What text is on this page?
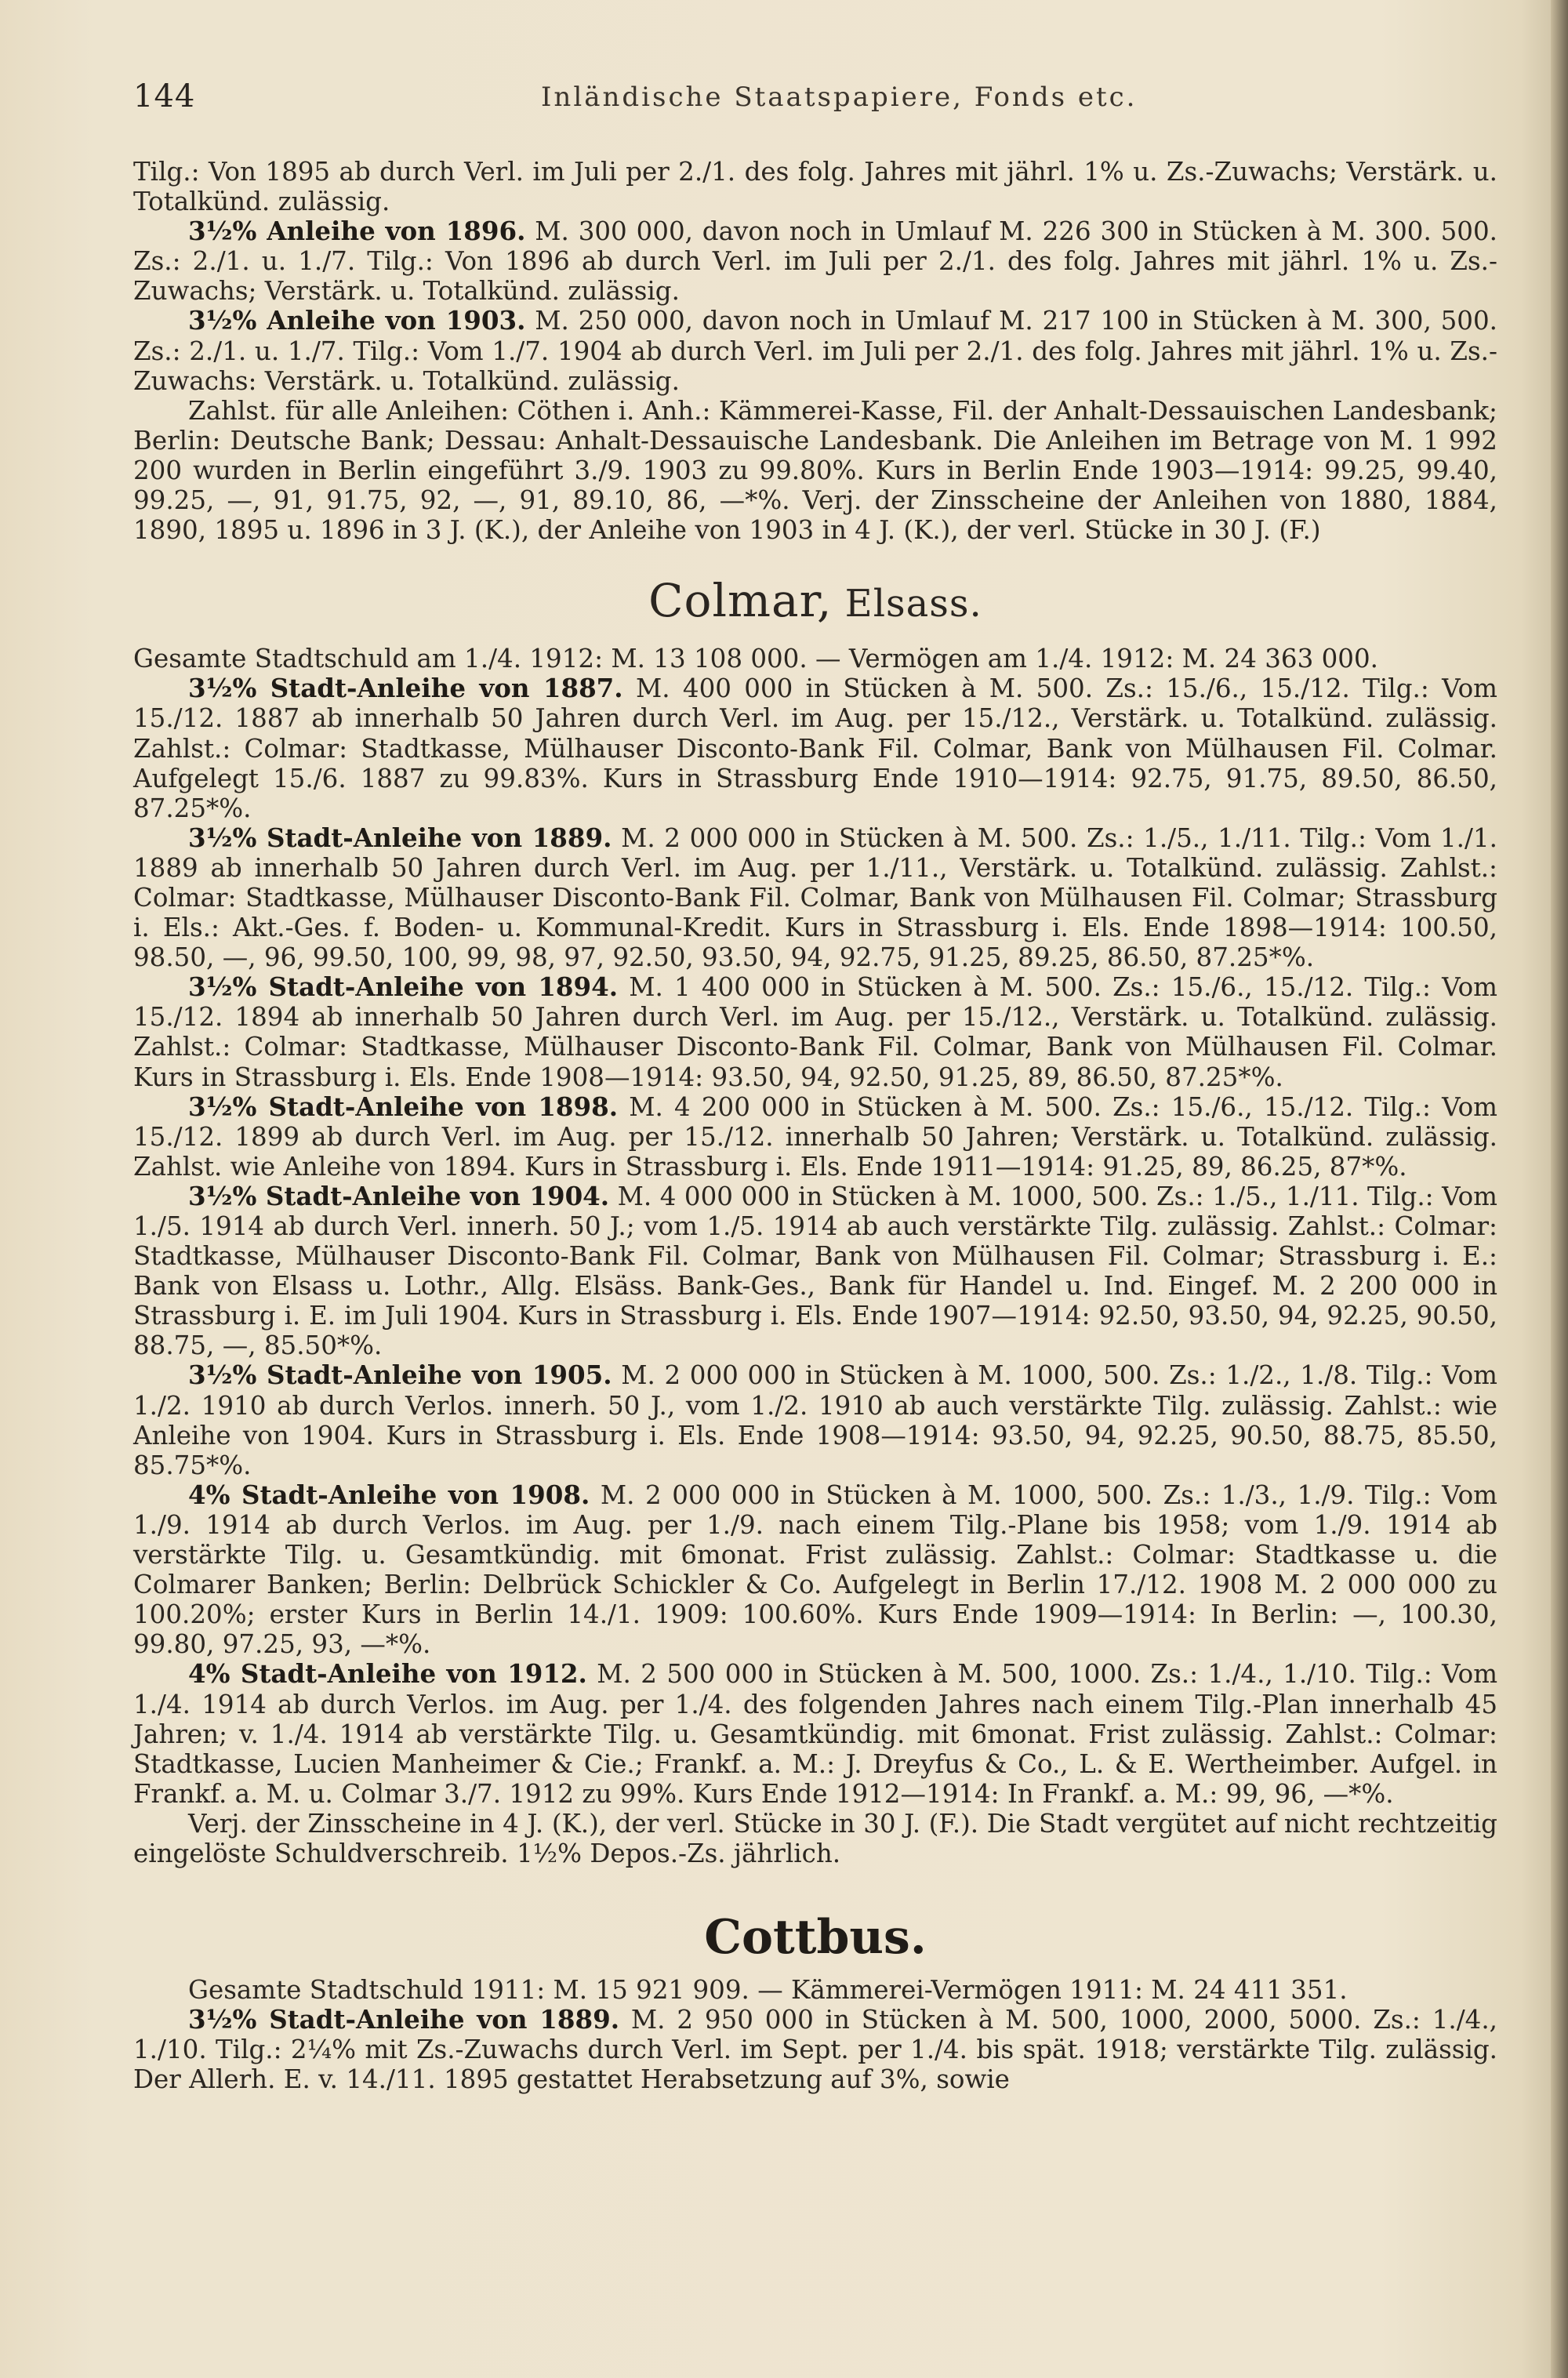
144	Inländische Staatspapiere, Fonds etc.

Tilg.: Von 1895 ab durch Verl. im Juli per 2./1. des folg. Jahres mit jährl. 1% u. Zs.-Zuwachs; Verstärk. u. Totalkünd. zulässig.

3½% Anleihe von 1896. M. 300 000, davon noch in Umlauf M. 226 300 in Stücken à M. 300. 500. Zs.: 2./1. u. 1./7. Tilg.: Von 1896 ab durch Verl. im Juli per 2./1. des folg. Jahres mit jährl. 1% u. Zs.-Zuwachs; Verstärk. u. Totalkünd. zulässig.

3½% Anleihe von 1903. M. 250 000, davon noch in Umlauf M. 217 100 in Stücken à M. 300, 500. Zs.: 2./1. u. 1./7. Tilg.: Vom 1./7. 1904 ab durch Verl. im Juli per 2./1. des folg. Jahres mit jährl. 1% u. Zs.-Zuwachs: Verstärk. u. Totalkünd. zulässig.

Zahlst. für alle Anleihen: Cöthen i. Anh.: Kämmerei-Kasse, Fil. der Anhalt-Dessauischen Landesbank; Berlin: Deutsche Bank; Dessau: Anhalt-Dessauische Landesbank. Die Anleihen im Betrage von M. 1 992 200 wurden in Berlin eingeführt 3./9. 1903 zu 99.80%. Kurs in Berlin Ende 1903—1914: 99.25, 99.40, 99.25, —, 91, 91.75, 92, —, 91, 89.10, 86, —*%. Verj. der Zinsscheine der Anleihen von 1880, 1884, 1890, 1895 u. 1896 in 3 J. (K.), der Anleihe von 1903 in 4 J. (K.), der verl. Stücke in 30 J. (F.)

Colmar, Elsass.

Gesamte Stadtschuld am 1./4. 1912: M. 13 108 000. — Vermögen am 1./4. 1912: M. 24 363 000.

3½% Stadt-Anleihe von 1887. M. 400 000 in Stücken à M. 500. Zs.: 15./6., 15./12. Tilg.: Vom 15./12. 1887 ab innerhalb 50 Jahren durch Verl. im Aug. per 15./12., Verstärk. u. Totalkünd. zulässig. Zahlst.: Colmar: Stadtkasse, Mülhauser Disconto-Bank Fil. Colmar, Bank von Mülhausen Fil. Colmar. Aufgelegt 15./6. 1887 zu 99.83%. Kurs in Strassburg Ende 1910—1914: 92.75, 91.75, 89.50, 86.50, 87.25*%.

3½% Stadt-Anleihe von 1889. M. 2 000 000 in Stücken à M. 500. Zs.: 1./5., 1./11. Tilg.: Vom 1./1. 1889 ab innerhalb 50 Jahren durch Verl. im Aug. per 1./11., Verstärk. u. Totalkünd. zulässig. Zahlst.: Colmar: Stadtkasse, Mülhauser Disconto-Bank Fil. Colmar, Bank von Mülhausen Fil. Colmar; Strassburg i. Els.: Akt.-Ges. f. Boden- u. Kommunal-Kredit. Kurs in Strassburg i. Els. Ende 1898—1914: 100.50, 98.50, —, 96, 99.50, 100, 99, 98, 97, 92.50, 93.50, 94, 92.75, 91.25, 89.25, 86.50, 87.25*%.

3½% Stadt-Anleihe von 1894. M. 1 400 000 in Stücken à M. 500. Zs.: 15./6., 15./12. Tilg.: Vom 15./12. 1894 ab innerhalb 50 Jahren durch Verl. im Aug. per 15./12., Verstärk. u. Totalkünd. zulässig. Zahlst.: Colmar: Stadtkasse, Mülhauser Disconto-Bank Fil. Colmar, Bank von Mülhausen Fil. Colmar. Kurs in Strassburg i. Els. Ende 1908—1914: 93.50, 94, 92.50, 91.25, 89, 86.50, 87.25*%.

3½% Stadt-Anleihe von 1898. M. 4 200 000 in Stücken à M. 500. Zs.: 15./6., 15./12. Tilg.: Vom 15./12. 1899 ab durch Verl. im Aug. per 15./12. innerhalb 50 Jahren; Verstärk. u. Totalkünd. zulässig. Zahlst. wie Anleihe von 1894. Kurs in Strassburg i. Els. Ende 1911—1914: 91.25, 89, 86.25, 87*%.

3½% Stadt-Anleihe von 1904. M. 4 000 000 in Stücken à M. 1000, 500. Zs.: 1./5., 1./11. Tilg.: Vom 1./5. 1914 ab durch Verl. innerh. 50 J.; vom 1./5. 1914 ab auch verstärkte Tilg. zulässig. Zahlst.: Colmar: Stadtkasse, Mülhauser Disconto-Bank Fil. Colmar, Bank von Mülhausen Fil. Colmar; Strassburg i. E.: Bank von Elsass u. Lothr., Allg. Elsäss. Bank-Ges., Bank für Handel u. Ind. Eingef. M. 2 200 000 in Strassburg i. E. im Juli 1904. Kurs in Strassburg i. Els. Ende 1907—1914: 92.50, 93.50, 94, 92.25, 90.50, 88.75, —, 85.50*%.

3½% Stadt-Anleihe von 1905. M. 2 000 000 in Stücken à M. 1000, 500. Zs.: 1./2., 1./8. Tilg.: Vom 1./2. 1910 ab durch Verlos. innerh. 50 J., vom 1./2. 1910 ab auch verstärkte Tilg. zulässig. Zahlst.: wie Anleihe von 1904. Kurs in Strassburg i. Els. Ende 1908—1914: 93.50, 94, 92.25, 90.50, 88.75, 85.50, 85.75*%.

4% Stadt-Anleihe von 1908. M. 2 000 000 in Stücken à M. 1000, 500. Zs.: 1./3., 1./9. Tilg.: Vom 1./9. 1914 ab durch Verlos. im Aug. per 1./9. nach einem Tilg.-Plane bis 1958; vom 1./9. 1914 ab verstärkte Tilg. u. Gesamtkündig. mit 6monat. Frist zulässig. Zahlst.: Colmar: Stadtkasse u. die Colmarer Banken; Berlin: Delbrück Schickler & Co. Aufgelegt in Berlin 17./12. 1908 M. 2 000 000 zu 100.20%; erster Kurs in Berlin 14./1. 1909: 100.60%. Kurs Ende 1909—1914: In Berlin: —, 100.30, 99.80, 97.25, 93, —*%.

4% Stadt-Anleihe von 1912. M. 2 500 000 in Stücken à M. 500, 1000. Zs.: 1./4., 1./10. Tilg.: Vom 1./4. 1914 ab durch Verlos. im Aug. per 1./4. des folgenden Jahres nach einem Tilg.-Plan innerhalb 45 Jahren; v. 1./4. 1914 ab verstärkte Tilg. u. Gesamtkündig. mit 6monat. Frist zulässig. Zahlst.: Colmar: Stadtkasse, Lucien Manheimer & Cie.; Frankf. a. M.: J. Dreyfus & Co., L. & E. Wertheimber. Aufgel. in Frankf. a. M. u. Colmar 3./7. 1912 zu 99%. Kurs Ende 1912—1914: In Frankf. a. M.: 99, 96, —*%.

Verj. der Zinsscheine in 4 J. (K.), der verl. Stücke in 30 J. (F.). Die Stadt vergütet auf nicht rechtzeitig eingelöste Schuldverschreib. 1½% Depos.-Zs. jährlich.

Cottbus.

Gesamte Stadtschuld 1911: M. 15 921 909. — Kämmerei-Vermögen 1911: M. 24 411 351.

3½% Stadt-Anleihe von 1889. M. 2 950 000 in Stücken à M. 500, 1000, 2000, 5000. Zs.: 1./4., 1./10. Tilg.: 2¼% mit Zs.-Zuwachs durch Verl. im Sept. per 1./4. bis spät. 1918; verstärkte Tilg. zulässig. Der Allerh. E. v. 14./11. 1895 gestattet Herabsetzung auf 3%, sowie
